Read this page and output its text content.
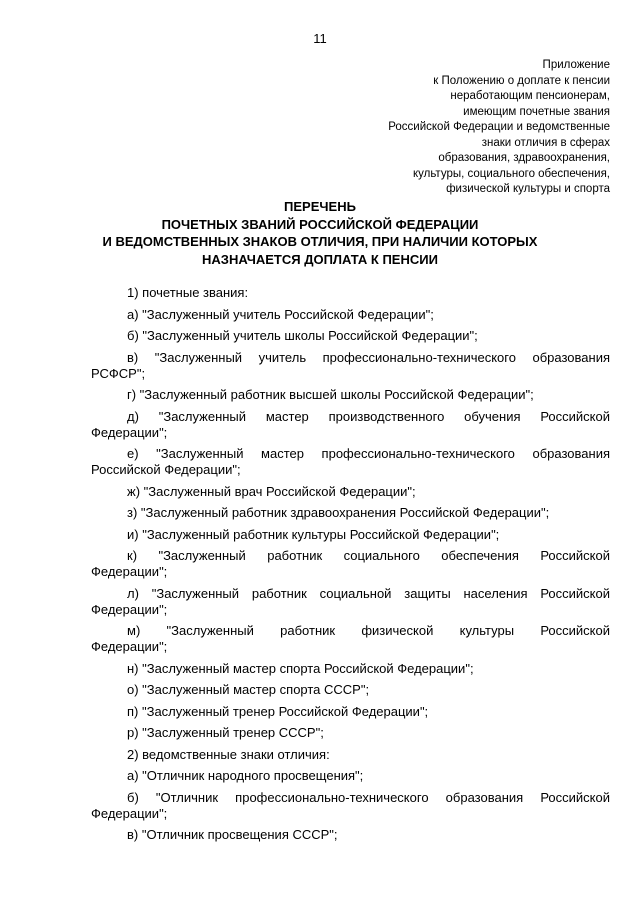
11
Приложение
к Положению о доплате к пенсии
неработающим пенсионерам,
имеющим почетные звания
Российской Федерации и ведомственные
знаки отличия в сферах
образования, здравоохранения,
культуры, социального обеспечения,
физической культуры и спорта
ПЕРЕЧЕНЬ
ПОЧЕТНЫХ ЗВАНИЙ РОССИЙСКОЙ ФЕДЕРАЦИИ
И ВЕДОМСТВЕННЫХ ЗНАКОВ ОТЛИЧИЯ, ПРИ НАЛИЧИИ КОТОРЫХ
НАЗНАЧАЕТСЯ ДОПЛАТА К ПЕНСИИ

1) почетные звания:

а) "Заслуженный учитель Российской Федерации";

б) "Заслуженный учитель школы Российской Федерации";

в) "Заслуженный учитель профессионально-технического образования

РСФСР";

г) "Заслуженный работник высшей школы Российской Федерации";

д) "Заслуженный мастер производственного обучения Российской

Федерации";

е) "Заслуженный мастер профессионально-технического образования

Российской Федерации";

ж) "Заслуженный врач Российской Федерации";

з) "Заслуженный работник здравоохранения Российской Федерации";

и) "Заслуженный работник культуры Российской Федерации";

к) "Заслуженный работник социального обеспечения Российской

Федерации";

л) "Заслуженный работник социальной защиты населения Российской

Федерации";

м) "Заслуженный работник физической культуры Российской

Федерации";

н) "Заслуженный мастер спорта Российской Федерации";

о) "Заслуженный мастер спорта СССР";

п) "Заслуженный тренер Российской Федерации";

р) "Заслуженный тренер СССР";

2) ведомственные знаки отличия:

а) "Отличник народного просвещения";

б) "Отличник профессионально-технического образования Российской

Федерации";

в) "Отличник просвещения СССР";
